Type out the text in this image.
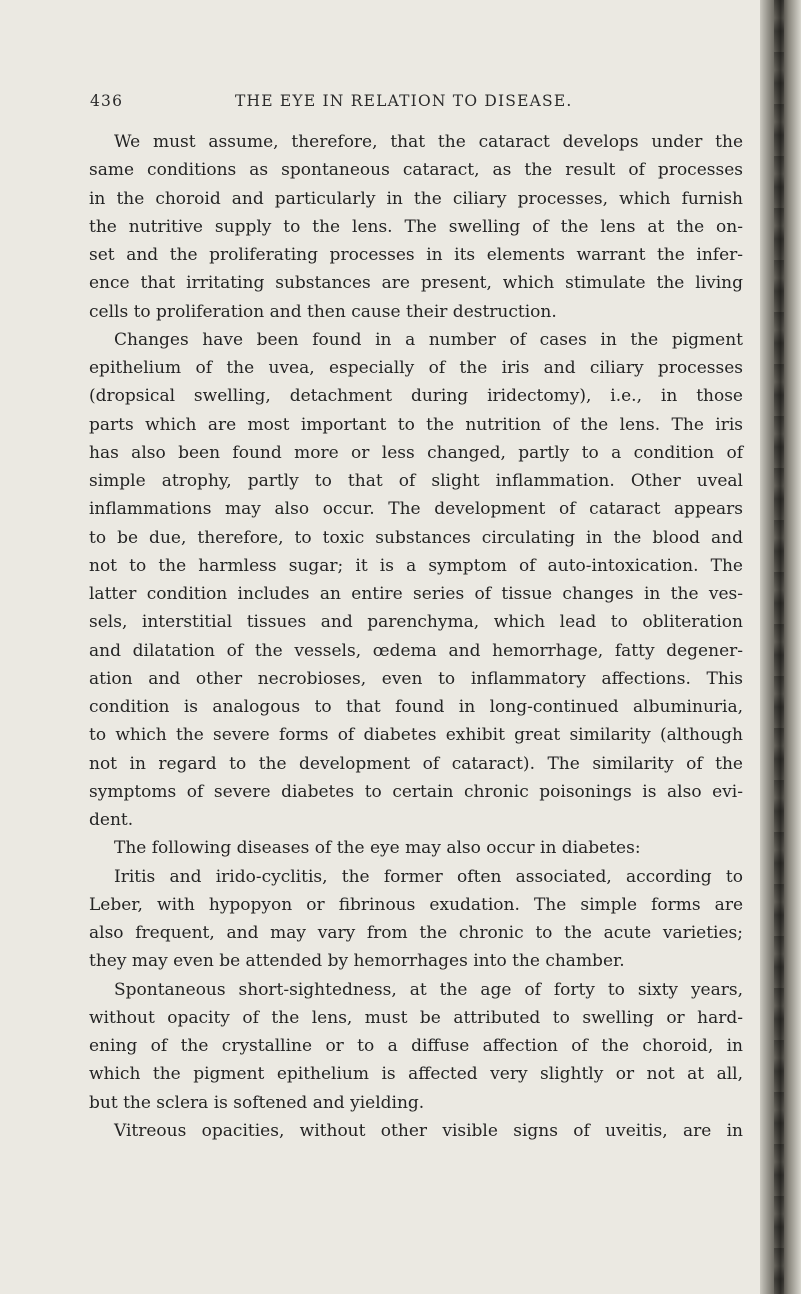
436	THE EYE IN RELATION TO DISEASE.
We must assume, therefore, that the cataract develops under the
same conditions as spontaneous cataract, as the result of processes
in the choroid and particularly in the ciliary processes, which furnish
the nutritive supply to the lens. The swelling of the lens at the on-
set and the proliferating processes in its elements warrant the infer-
ence that irritating substances are present, which stimulate the living
cells to proliferation and then cause their destruction.
Changes have been found in a number of cases in the pigment
epithelium of the uvea, especially of the iris and ciliary processes
(dropsical swelling, detachment during iridectomy), i.e., in those
parts which are most important to the nutrition of the lens. The iris
has also been found more or less changed, partly to a condition of
simple atrophy, partly to that of slight inflammation. Other uveal
inflammations may also occur. The development of cataract appears
to be due, therefore, to toxic substances circulating in the blood and
not to the harmless sugar; it is a symptom of auto-intoxication. The
latter condition includes an entire series of tissue changes in the ves-
sels, interstitial tissues and parenchyma, which lead to obliteration
and dilatation of the vessels, œdema and hemorrhage, fatty degener-
ation and other necrobioses, even to inflammatory affections. This
condition is analogous to that found in long-continued albuminuria,
to which the severe forms of diabetes exhibit great similarity (although
not in regard to the development of cataract). The similarity of the
symptoms of severe diabetes to certain chronic poisonings is also evi-
dent.
The following diseases of the eye may also occur in diabetes:
Iritis and irido-cyclitis, the former often associated, according to
Leber, with hypopyon or fibrinous exudation. The simple forms are
also frequent, and may vary from the chronic to the acute varieties;
they may even be attended by hemorrhages into the chamber.
Spontaneous short-sightedness, at the age of forty to sixty years,
without opacity of the lens, must be attributed to swelling or hard-
ening of the crystalline or to a diffuse affection of the choroid, in
which the pigment epithelium is affected very slightly or not at all,
but the sclera is softened and yielding.
Vitreous opacities, without other visible signs of uveitis, are in
